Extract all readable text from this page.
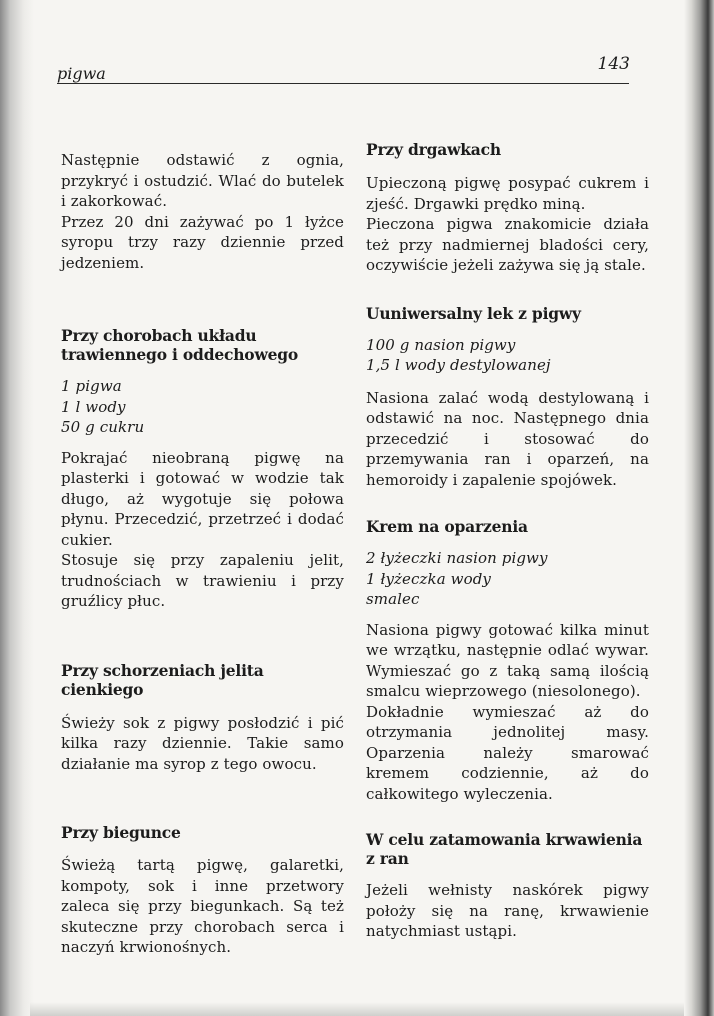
pigwa	143

Następnie odstawić z ognia, przykryć i ostudzić. Wlać do butelek i zakorkować.

Przez 20 dni zażywać po 1 łyżce syropu trzy razy dziennie przed jedzeniem.

Przy chorobach układu trawiennego i oddechowego

1 pigwa

1 l wody

50 g cukru

Pokrajać nieobraną pigwę na plasterki i gotować w wodzie tak długo, aż wygotuje się połowa płynu. Przecedzić, przetrzeć i dodać cukier.

Stosuje się przy zapaleniu jelit, trudnościach w trawieniu i przy gruźlicy płuc.

Przy schorzeniach jelita cienkiego

Świeży sok z pigwy posłodzić i pić kilka razy dziennie. Takie samo działanie ma syrop z tego owocu.

Przy biegunce

Świeżą tartą pigwę, galaretki, kompoty, sok i inne przetwory zaleca się przy biegunkach. Są też skuteczne przy chorobach serca i naczyń krwionośnych.

Przy drgawkach

Upieczoną pigwę posypać cukrem i zjeść. Drgawki prędko miną.

Pieczona pigwa znakomicie działa też przy nadmiernej bladości cery, oczywiście jeżeli zażywa się ją stale.

Uuniwersalny lek z pigwy

100 g nasion pigwy

1,5 l wody destylowanej

Nasiona zalać wodą destylowaną i odstawić na noc. Następnego dnia przecedzić i stosować do przemywania ran i oparzeń, na hemoroidy i zapalenie spojówek.

Krem na oparzenia

2 łyżeczki nasion pigwy

1 łyżeczka wody

smalec

Nasiona pigwy gotować kilka minut we wrzątku, następnie odlać wywar. Wymieszać go z taką samą ilością smalcu wieprzowego (niesolonego).

Dokładnie wymieszać aż do otrzymania jednolitej masy. Oparzenia należy smarować kremem codziennie, aż do całkowitego wyleczenia.

W celu zatamowania krwawienia z ran

Jeżeli wełnisty naskórek pigwy położy się na ranę, krwawienie natychmiast ustąpi.
